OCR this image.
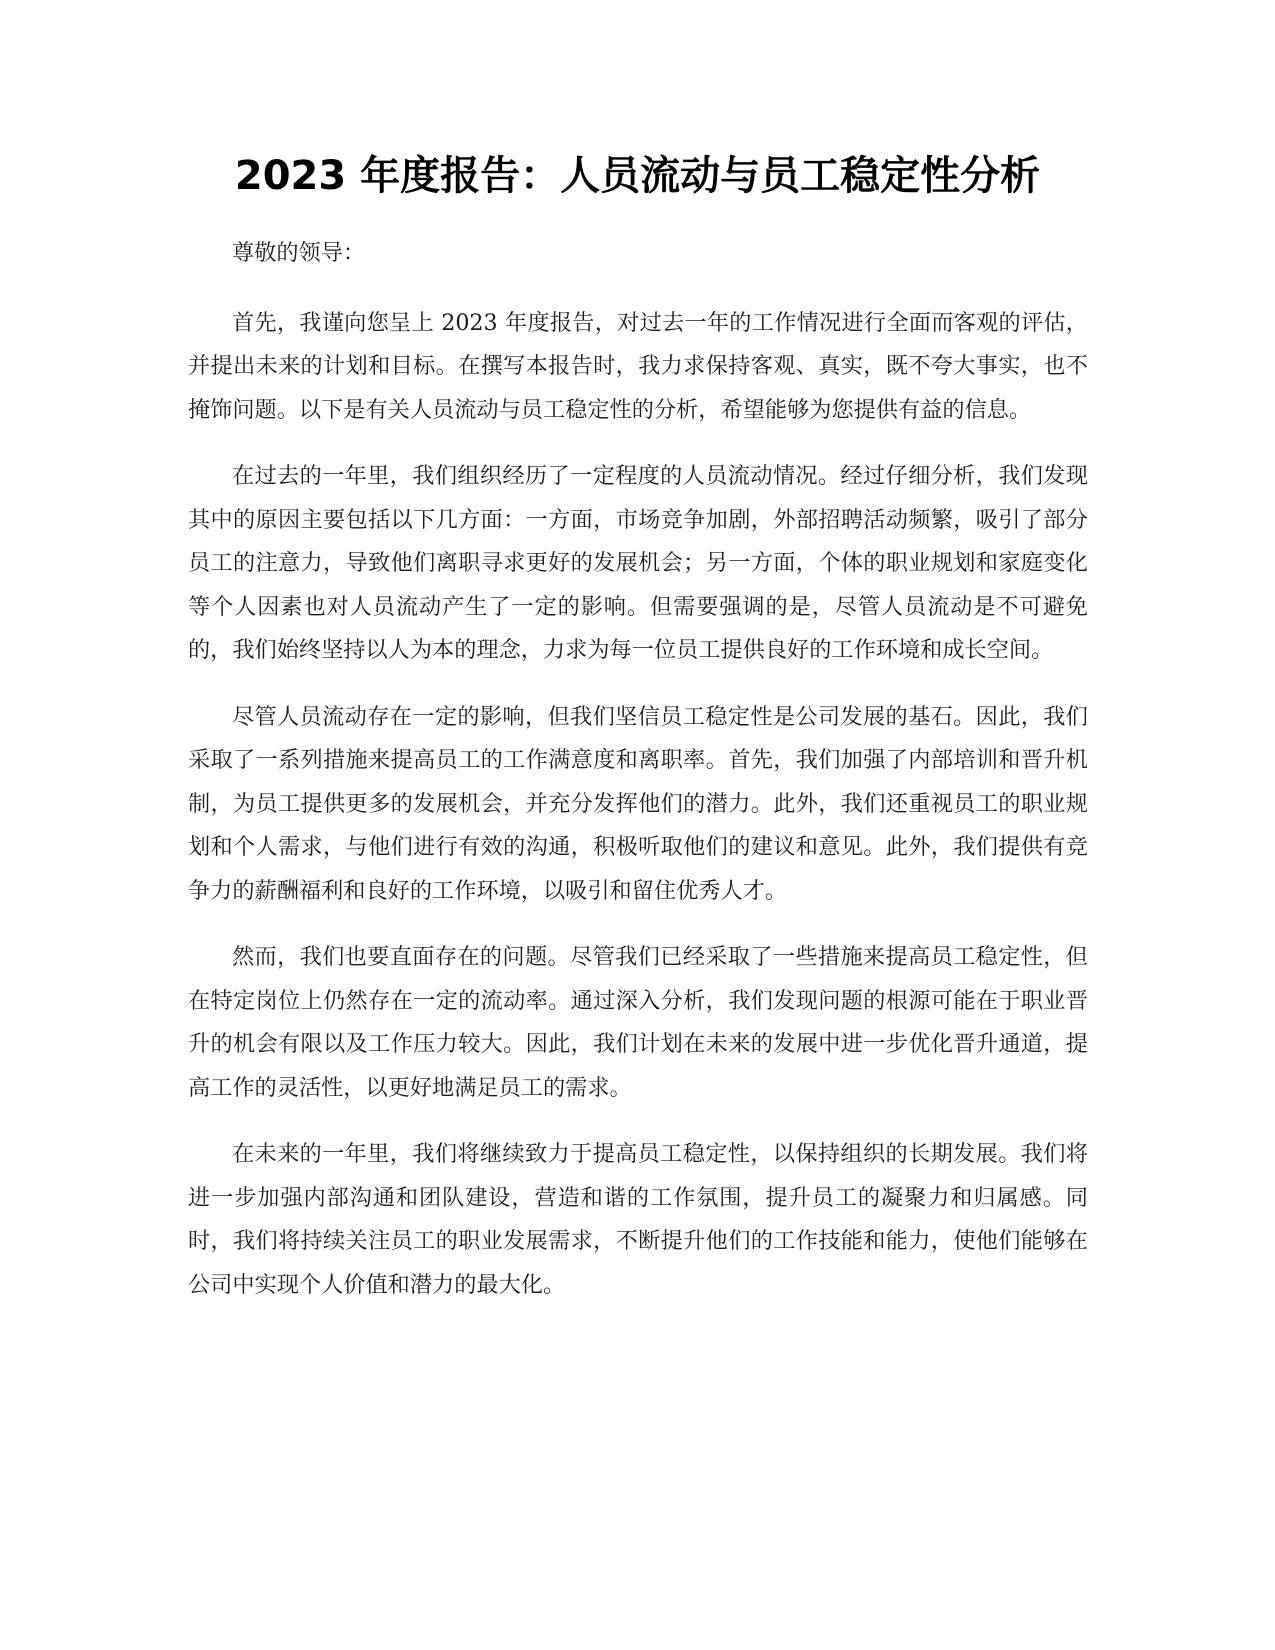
2023 年度报告：人员流动与员工稳定性分析

尊敬的领导：

首先，我谨向您呈上 2023 年度报告，对过去一年的工作情况进行全面而客观的评估，并提出未来的计划和目标。在撰写本报告时，我力求保持客观、真实，既不夸大事实，也不掩饰问题。以下是有关人员流动与员工稳定性的分析，希望能够为您提供有益的信息。

在过去的一年里，我们组织经历了一定程度的人员流动情况。经过仔细分析，我们发现其中的原因主要包括以下几方面：一方面，市场竞争加剧，外部招聘活动频繁，吸引了部分员工的注意力，导致他们离职寻求更好的发展机会；另一方面，个体的职业规划和家庭变化等个人因素也对人员流动产生了一定的影响。但需要强调的是，尽管人员流动是不可避免的，我们始终坚持以人为本的理念，力求为每一位员工提供良好的工作环境和成长空间。

尽管人员流动存在一定的影响，但我们坚信员工稳定性是公司发展的基石。因此，我们采取了一系列措施来提高员工的工作满意度和离职率。首先，我们加强了内部培训和晋升机制，为员工提供更多的发展机会，并充分发挥他们的潜力。此外，我们还重视员工的职业规划和个人需求，与他们进行有效的沟通，积极听取他们的建议和意见。此外，我们提供有竞争力的薪酬福利和良好的工作环境，以吸引和留住优秀人才。

然而，我们也要直面存在的问题。尽管我们已经采取了一些措施来提高员工稳定性，但在特定岗位上仍然存在一定的流动率。通过深入分析，我们发现问题的根源可能在于职业晋升的机会有限以及工作压力较大。因此，我们计划在未来的发展中进一步优化晋升通道，提高工作的灵活性，以更好地满足员工的需求。

在未来的一年里，我们将继续致力于提高员工稳定性，以保持组织的长期发展。我们将进一步加强内部沟通和团队建设，营造和谐的工作氛围，提升员工的凝聚力和归属感。同时，我们将持续关注员工的职业发展需求，不断提升他们的工作技能和能力，使他们能够在公司中实现个人价值和潜力的最大化。
